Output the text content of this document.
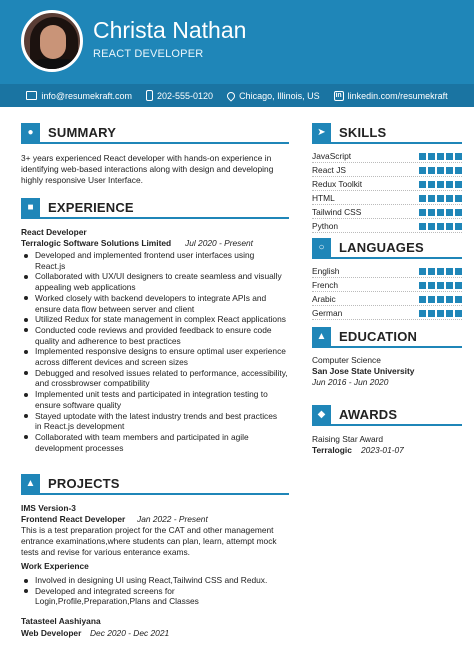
Christa Nathan
REACT DEVELOPER
info@resumekraft.com	202-555-0120	Chicago, Illinois, US in linkedin.com/resumekraft
●	SUMMARY
3+ years experienced React developer with hands-on experience in
identifying web-based interactions along with design and developing
highly responsive User Interface.
■	EXPERIENCE
React Developer
Terralogic Software Solutions Limited Jul 2020 - Present
Developed and implemented frontend user interfaces using
React.js
Collaborated with UX/UI designers to create seamless and visually
appealing web applications
Worked closely with backend developers to integrate APIs and
ensure data flow between server and client
Utilized Redux for state management in complex React applications
Conducted code reviews and provided feedback to ensure code
quality and adherence to best practices
Implemented responsive designs to ensure optimal user experience
across different devices and screen sizes
Debugged and resolved issues related to performance, accessibility,
and crossbrowser compatibility
Implemented unit tests and participated in integration testing to
ensure software quality
Stayed uptodate with the latest industry trends and best practices
in React.js development
Collaborated with team members and participated in agile
development processes
▲ PROJECTS
IMS Version-3
Frontend React Developer Jan 2022 - Present
This is a test preparation project for the CAT and other management
entrance examinations,where students can plan, learn, attempt mock
tests and revise for various enterance exams.
Work Experience
Involved in designing UI using React,Tailwind CSS and Redux.
Developed and integrated screens for
Login,Profile,Preparation,Plans and Classes
Tatasteel Aashiyana
Web Developer Dec 2020 - Dec 2021
➤	SKILLS
JavaScript
React JS
Redux Toolkit
HTML
Tailwind CSS
Python
○	LANGUAGES
English
French
Arabic
German
▲ EDUCATION
Computer Science
San Jose State University
Jun 2016 - Jun 2020
◆	AWARDS
Raising Star Award
Terralogic 2023-01-07
